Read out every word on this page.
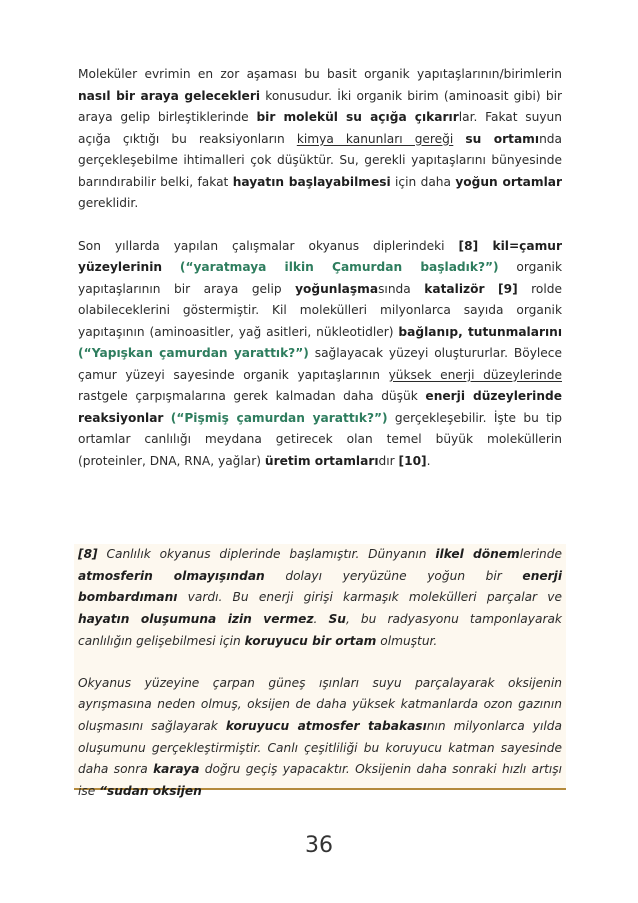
Moleküler evrimin en zor aşaması bu basit organik yapıtaşlarının/birimlerin nasıl bir araya gelecekleri konusudur. İki organik birim (aminoasit gibi) bir araya gelip birleştiklerinde bir molekül su açığa çıkarırlar. Fakat suyun açığa çıktığı bu reaksiyonların kimya kanunları gereği su ortamında gerçekleşebilme ihtimalleri çok düşüktür. Su, gerekli yapıtaşlarını bünyesinde barındırabilir belki, fakat hayatın başlayabilmesi için daha yoğun ortamlar gereklidir.

Son yıllarda yapılan çalışmalar okyanus diplerindeki [8] kil=çamur yüzeylerinin (“yaratmaya ilkin Çamurdan başladık?”) organik yapıtaşlarının bir araya gelip yoğunlaşmasında katalizör [9] rolde olabileceklerini göstermiştir. Kil molekülleri milyonlarca sayıda organik yapıtaşının (aminoasitler, yağ asitleri, nükleotidler) bağlanıp, tutunmalarını (“Yapışkan çamurdan yarattık?”) sağlayacak yüzeyi oluştururlar. Böylece çamur yüzeyi sayesinde organik yapıtaşlarının yüksek enerji düzeylerinde rastgele çarpışmalarına gerek kalmadan daha düşük enerji düzeylerinde reaksiyonlar (“Pişmiş çamurdan yarattık?”) gerçekleşebilir. İşte bu tip ortamlar canlılığı meydana getirecek olan temel büyük moleküllerin (proteinler, DNA, RNA, yağlar) üretim ortamlarıdır [10].

[8] Canlılık okyanus diplerinde başlamıştır. Dünyanın ilkel dönemlerinde atmosferin olmayışından dolayı yeryüzüne yoğun bir enerji bombardımanı vardı. Bu enerji girişi karmaşık molekülleri parçalar ve hayatın oluşumuna izin vermez. Su, bu radyasyonu tamponlayarak canlılığın gelişebilmesi için koruyucu bir ortam olmuştur.

Okyanus yüzeyine çarpan güneş ışınları suyu parçalayarak oksijenin ayrışmasına neden olmuş, oksijen de daha yüksek katmanlarda ozon gazının oluşmasını sağlayarak koruyucu atmosfer tabakasının milyonlarca yılda oluşumunu gerçekleştirmiştir. Canlı çeşitliliği bu koruyucu katman sayesinde daha sonra karaya doğru geçiş yapacaktır. Oksijenin daha sonraki hızlı artışı ise “sudan oksijen

36
